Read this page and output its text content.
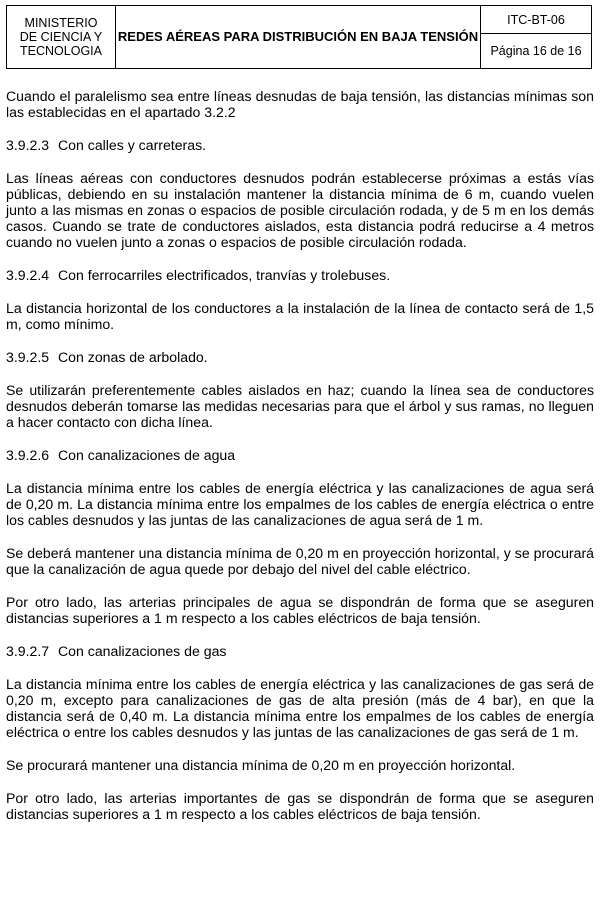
MINISTERIO
DE CIENCIA Y
TECNOLOGIA	REDES AÉREAS PARA DISTRIBUCIÓN EN BAJA TENSIÓN	ITC-BT-06
Página 16 de 16

Cuando el paralelismo sea entre líneas desnudas de baja tensión, las distancias mínimas son las establecidas en el apartado 3.2.2

3.9.2.3 Con calles y carreteras.

Las líneas aéreas con conductores desnudos podrán establecerse próximas a estás vías públicas, debiendo en su instalación mantener la distancia mínima de 6 m, cuando vuelen junto a las mismas en zonas o espacios de posible circulación rodada, y de 5 m en los demás casos. Cuando se trate de conductores aislados, esta distancia podrá reducirse a 4 metros cuando no vuelen junto a zonas o espacios de posible circulación rodada.

3.9.2.4 Con ferrocarriles electrificados, tranvías y trolebuses.

La distancia horizontal de los conductores a la instalación de la línea de contacto será de 1,5 m, como mínimo.

3.9.2.5 Con zonas de arbolado.

Se utilizarán preferentemente cables aislados en haz; cuando la línea sea de conductores desnudos deberán tomarse las medidas necesarias para que el árbol y sus ramas, no lleguen a hacer contacto con dicha línea.

3.9.2.6 Con canalizaciones de agua

La distancia mínima entre los cables de energía eléctrica y las canalizaciones de agua será de 0,20 m. La distancia mínima entre los empalmes de los cables de energía eléctrica o entre los cables desnudos y las juntas de las canalizaciones de agua será de 1 m.

Se deberá mantener una distancia mínima de 0,20 m en proyección horizontal, y se procurará que la canalización de agua quede por debajo del nivel del cable eléctrico.

Por otro lado, las arterias principales de agua se dispondrán de forma que se aseguren distancias superiores a 1 m respecto a los cables eléctricos de baja tensión.

3.9.2.7 Con canalizaciones de gas

La distancia mínima entre los cables de energía eléctrica y las canalizaciones de gas será de 0,20 m, excepto para canalizaciones de gas de alta presión (más de 4 bar), en que la distancia será de 0,40 m. La distancia mínima entre los empalmes de los cables de energía eléctrica o entre los cables desnudos y las juntas de las canalizaciones de gas será de 1 m.

Se procurará mantener una distancia mínima de 0,20 m en proyección horizontal.

Por otro lado, las arterias importantes de gas se dispondrán de forma que se aseguren distancias superiores a 1 m respecto a los cables eléctricos de baja tensión.
